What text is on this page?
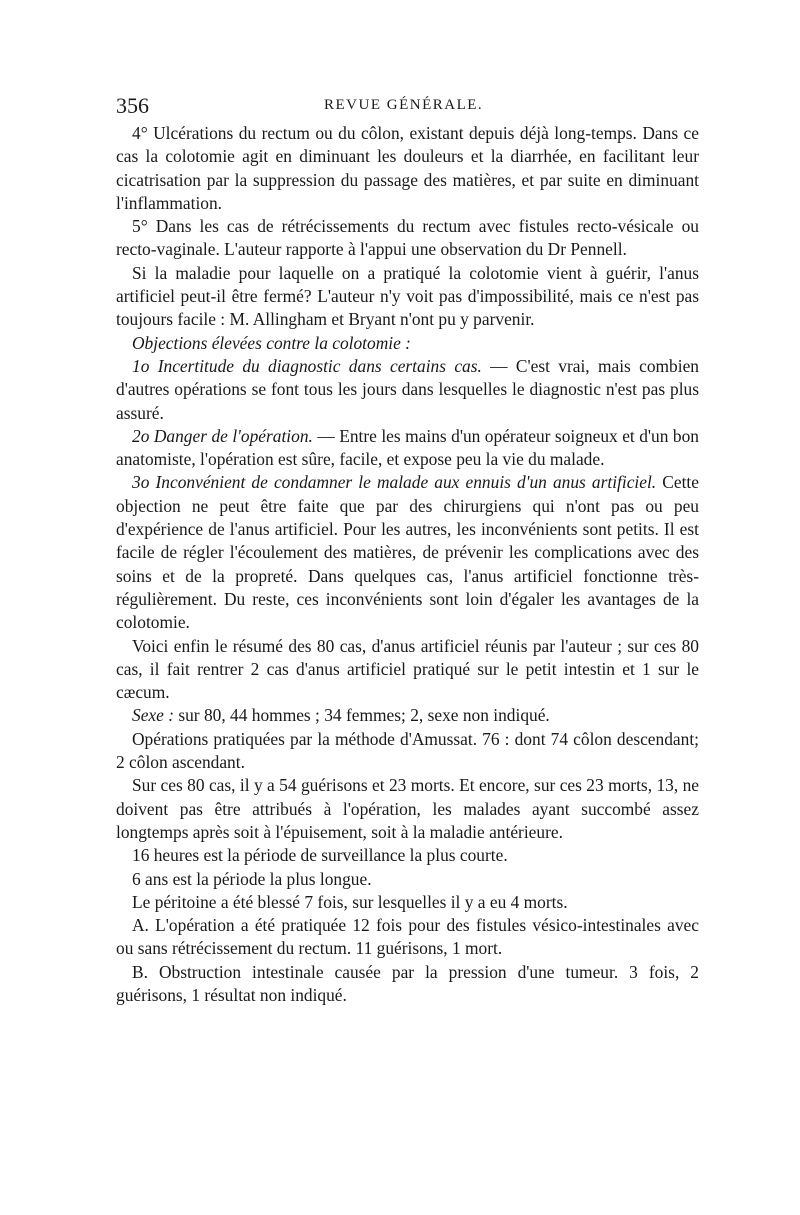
356	REVUE GÉNÉRALE.

4° Ulcérations du rectum ou du côlon, existant depuis déjà long-temps. Dans ce cas la colotomie agit en diminuant les douleurs et la diarrhée, en facilitant leur cicatrisation par la suppression du passage des matières, et par suite en diminuant l'inflammation.

5° Dans les cas de rétrécissements du rectum avec fistules recto-vésicale ou recto-vaginale. L'auteur rapporte à l'appui une observation du Dr Pennell.

Si la maladie pour laquelle on a pratiqué la colotomie vient à guérir, l'anus artificiel peut-il être fermé? L'auteur n'y voit pas d'impossibilité, mais ce n'est pas toujours facile : M. Allingham et Bryant n'ont pu y parvenir.

Objections élevées contre la colotomie :

1o Incertitude du diagnostic dans certains cas. — C'est vrai, mais combien d'autres opérations se font tous les jours dans lesquelles le diagnostic n'est pas plus assuré.

2o Danger de l'opération. — Entre les mains d'un opérateur soigneux et d'un bon anatomiste, l'opération est sûre, facile, et expose peu la vie du malade.

3o Inconvénient de condamner le malade aux ennuis d'un anus artificiel. Cette objection ne peut être faite que par des chirurgiens qui n'ont pas ou peu d'expérience de l'anus artificiel. Pour les autres, les inconvénients sont petits. Il est facile de régler l'écoulement des matières, de prévenir les complications avec des soins et de la propreté. Dans quelques cas, l'anus artificiel fonctionne très-régulièrement. Du reste, ces inconvénients sont loin d'égaler les avantages de la colotomie.

Voici enfin le résumé des 80 cas, d'anus artificiel réunis par l'auteur ; sur ces 80 cas, il fait rentrer 2 cas d'anus artificiel pratiqué sur le petit intestin et 1 sur le cæcum.

Sexe : sur 80, 44 hommes ; 34 femmes; 2, sexe non indiqué.

Opérations pratiquées par la méthode d'Amussat. 76 : dont 74 côlon descendant; 2 côlon ascendant.

Sur ces 80 cas, il y a 54 guérisons et 23 morts. Et encore, sur ces 23 morts, 13, ne doivent pas être attribués à l'opération, les malades ayant succombé assez longtemps après soit à l'épuisement, soit à la maladie antérieure.

16 heures est la période de surveillance la plus courte.

6 ans est la période la plus longue.

Le péritoine a été blessé 7 fois, sur lesquelles il y a eu 4 morts.

A. L'opération a été pratiquée 12 fois pour des fistules vésico-intestinales avec ou sans rétrécissement du rectum. 11 guérisons, 1 mort.

B. Obstruction intestinale causée par la pression d'une tumeur. 3 fois, 2 guérisons, 1 résultat non indiqué.
